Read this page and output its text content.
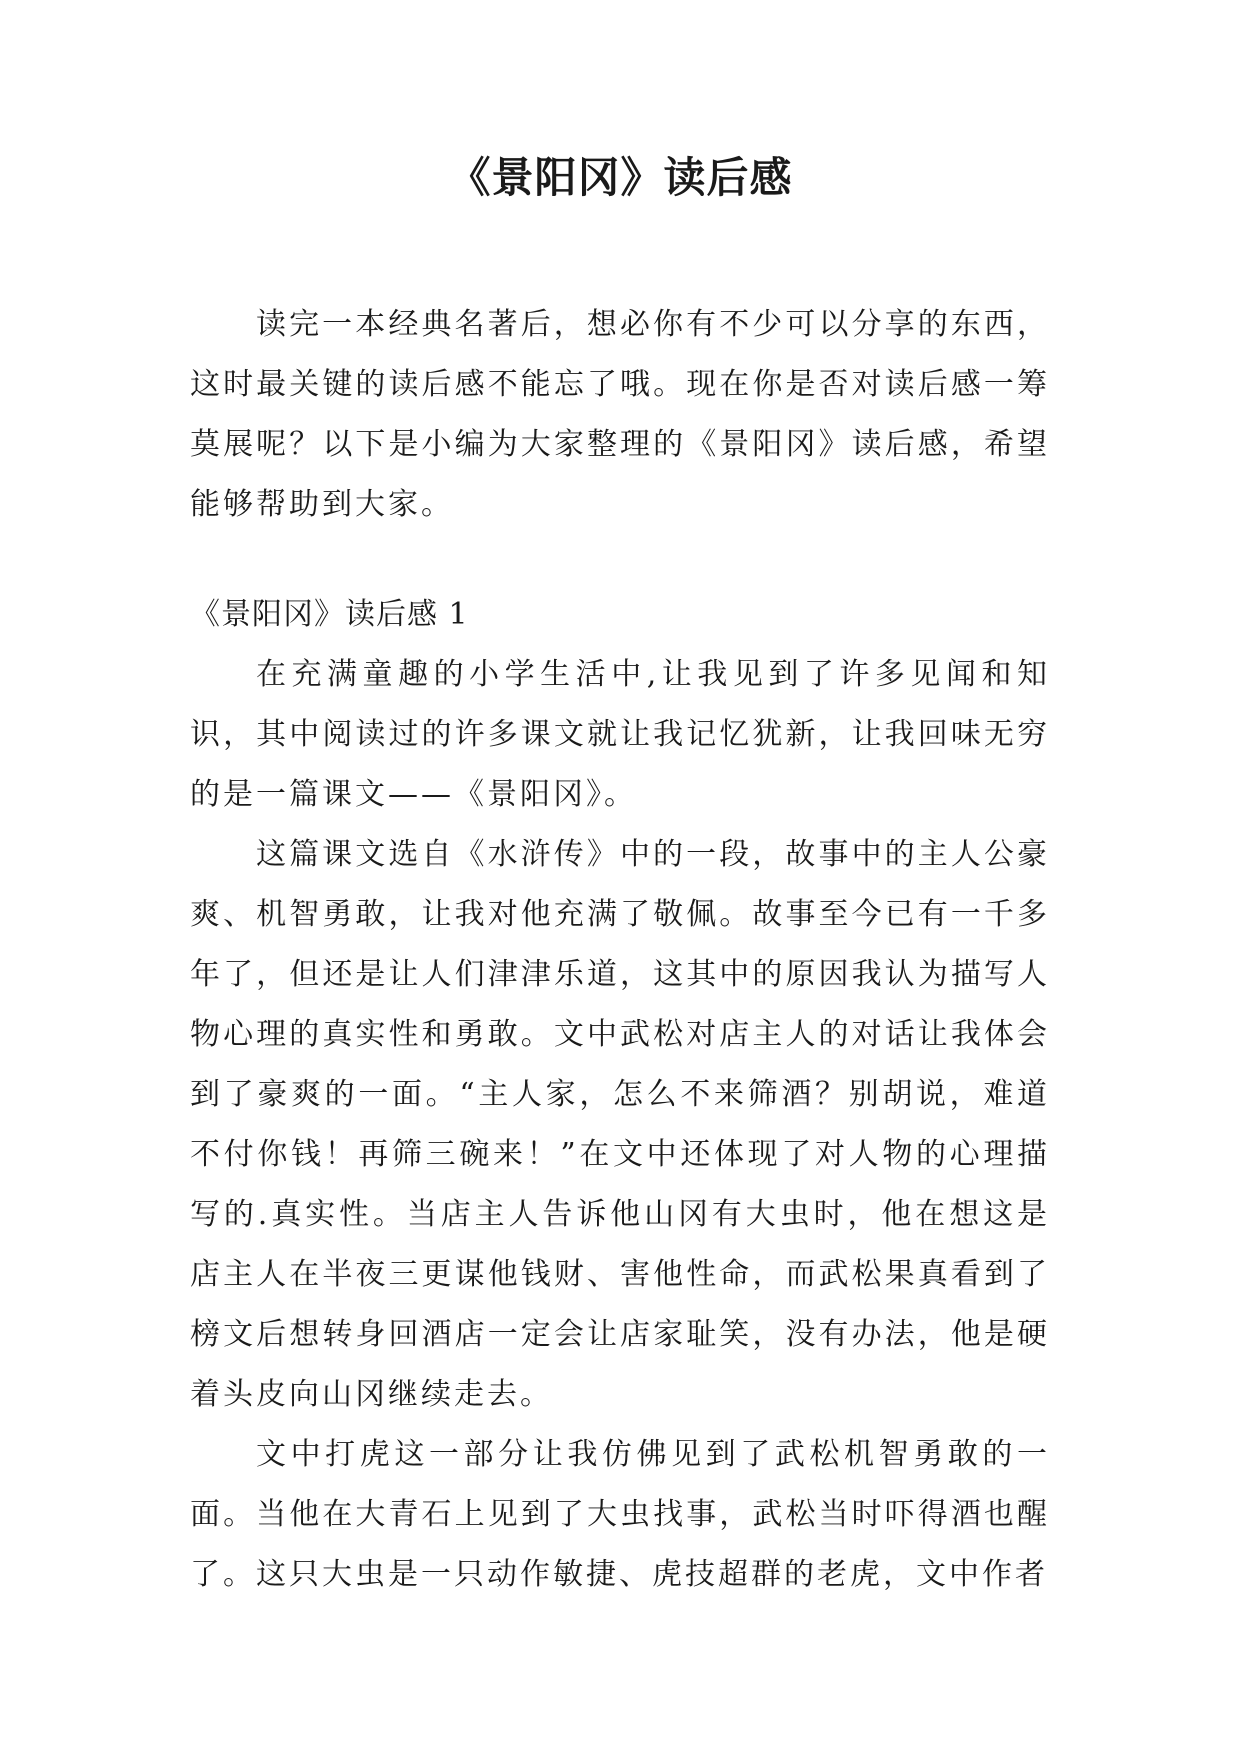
《景阳冈》读后感

读完一本经典名著后，想必你有不少可以分享的东西，这时最关键的读后感不能忘了哦。现在你是否对读后感一筹莫展呢？以下是小编为大家整理的《景阳冈》读后感，希望能够帮助到大家。

《景阳冈》读后感 1

在充满童趣的小学生活中,让我见到了许多见闻和知识，其中阅读过的许多课文就让我记忆犹新，让我回味无穷的是一篇课文——《景阳冈》。

这篇课文选自《水浒传》中的一段，故事中的主人公豪爽、机智勇敢，让我对他充满了敬佩。故事至今已有一千多年了，但还是让人们津津乐道，这其中的原因我认为描写人物心理的真实性和勇敢。文中武松对店主人的对话让我体会到了豪爽的一面。“主人家，怎么不来筛酒？别胡说，难道不付你钱！再筛三碗来！”在文中还体现了对人物的心理描写的.真实性。当店主人告诉他山冈有大虫时，他在想这是店主人在半夜三更谋他钱财、害他性命，而武松果真看到了榜文后想转身回酒店一定会让店家耻笑，没有办法，他是硬着头皮向山冈继续走去。

文中打虎这一部分让我仿佛见到了武松机智勇敢的一面。当他在大青石上见到了大虫找事，武松当时吓得酒也醒了。这只大虫是一只动作敏捷、虎技超群的老虎，文中作者
